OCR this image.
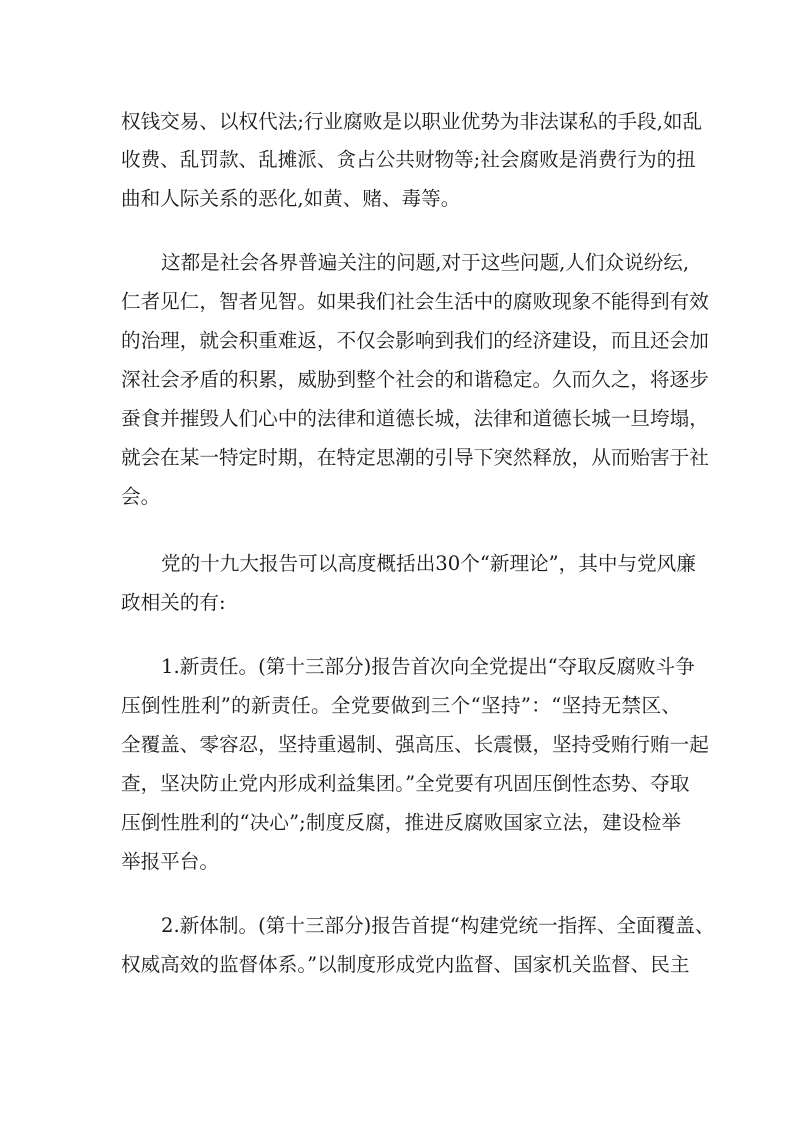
权钱交易、以权代法;行业腐败是以职业优势为非法谋私的手段,如乱
收费、乱罚款、乱摊派、贪占公共财物等;社会腐败是消费行为的扭
曲和人际关系的恶化,如黄、赌、毒等。
这都是社会各界普遍关注的问题,对于这些问题,人们众说纷纭,
仁者见仁，智者见智。如果我们社会生活中的腐败现象不能得到有效
的治理，就会积重难返，不仅会影响到我们的经济建设，而且还会加
深社会矛盾的积累，威胁到整个社会的和谐稳定。久而久之，将逐步
蚕食并摧毁人们心中的法律和道德长城，法律和道德长城一旦垮塌，
就会在某一特定时期，在特定思潮的引导下突然释放，从而贻害于社
会。
党的十九大报告可以高度概括出30个“新理论”，其中与党风廉
政相关的有:
1.新责任。(第十三部分)报告首次向全党提出“夺取反腐败斗争
压倒性胜利”的新责任。全党要做到三个“坚持”：“坚持无禁区、
全覆盖、零容忍，坚持重遏制、强高压、长震慑，坚持受贿行贿一起
查，坚决防止党内形成利益集团。”全党要有巩固压倒性态势、夺取
压倒性胜利的“决心”;制度反腐，推进反腐败国家立法，建设检举
举报平台。
2.新体制。(第十三部分)报告首提“构建党统一指挥、全面覆盖、
权威高效的监督体系。”以制度形成党内监督、国家机关监督、民主
